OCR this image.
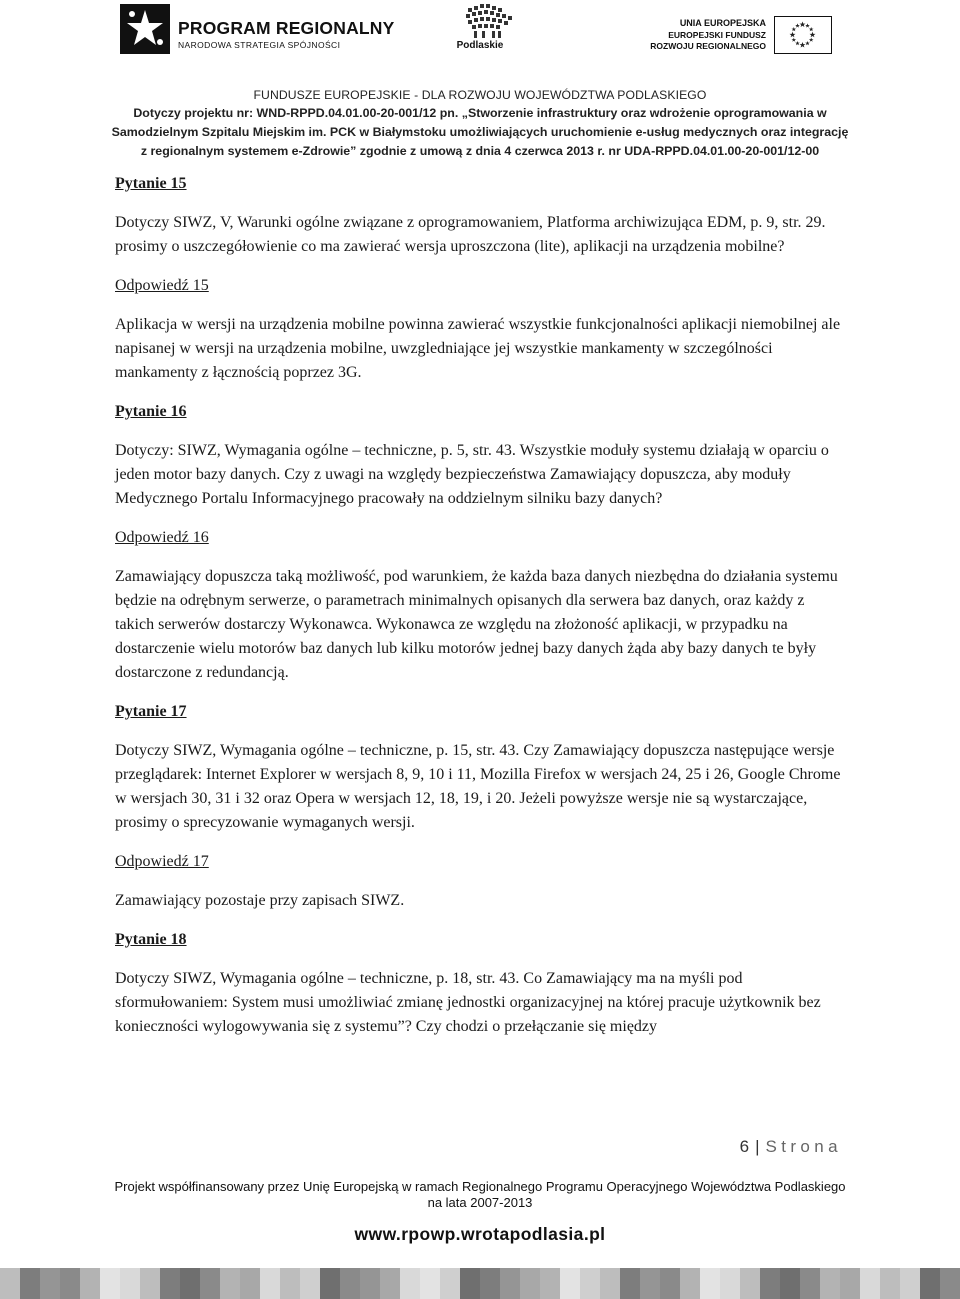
PROGRAM REGIONALNY
NARODOWA STRATEGIA SPÓJNOŚCI	Podlaskie
UNIA EUROPEJSKA
EUROPEJSKI FUNDUSZ
ROZWOJU REGIONALNEGO
FUNDUSZE EUROPEJSKIE - DLA ROZWOJU WOJEWÓDZTWA PODLASKIEGO
Dotyczy projektu nr: WND-RPPD.04.01.00-20-001/12 pn. „Stworzenie infrastruktury oraz wdrożenie oprogramowania w
Samodzielnym Szpitalu Miejskim im. PCK w Białymstoku umożliwiających uruchomienie e-usług medycznych oraz integrację
z regionalnym systemem e-Zdrowie” zgodnie z umową z dnia 4 czerwca 2013 r. nr UDA-RPPD.04.01.00-20-001/12-00

Pytanie 15

Dotyczy SIWZ, V, Warunki ogólne związane z oprogramowaniem, Platforma archiwizująca EDM, p. 9, str. 29. prosimy o uszczegółowienie co ma zawierać wersja uproszczona (lite), aplikacji na urządzenia mobilne?

Odpowiedź 15

Aplikacja w wersji na urządzenia mobilne powinna zawierać wszystkie funkcjonalności aplikacji niemobilnej ale napisanej w wersji na urządzenia mobilne, uwzgledniające jej wszystkie mankamenty w szczególności mankamenty z łącznością poprzez 3G.

Pytanie 16

Dotyczy: SIWZ, Wymagania ogólne – techniczne, p. 5, str. 43. Wszystkie moduły systemu działają w oparciu o jeden motor bazy danych. Czy z uwagi na względy bezpieczeństwa Zamawiający dopuszcza, aby moduły Medycznego Portalu Informacyjnego pracowały na oddzielnym silniku bazy danych?

Odpowiedź 16

Zamawiający dopuszcza taką możliwość, pod warunkiem, że każda baza danych niezbędna do działania systemu będzie na odrębnym serwerze, o parametrach minimalnych opisanych dla serwera baz danych, oraz każdy z takich serwerów dostarczy Wykonawca. Wykonawca ze względu na złożoność aplikacji, w przypadku na dostarczenie wielu motorów baz danych lub kilku motorów jednej bazy danych żąda aby bazy danych te były dostarczone z redundancją.

Pytanie 17

Dotyczy SIWZ, Wymagania ogólne – techniczne, p. 15, str. 43. Czy Zamawiający dopuszcza następujące wersje przeglądarek: Internet Explorer w wersjach 8, 9, 10 i 11, Mozilla Firefox w wersjach 24, 25 i 26, Google Chrome w wersjach 30, 31 i 32 oraz Opera w wersjach 12, 18, 19, i 20. Jeżeli powyższe wersje nie są wystarczające, prosimy o sprecyzowanie wymaganych wersji.

Odpowiedź 17

Zamawiający pozostaje przy zapisach SIWZ.

Pytanie 18

Dotyczy SIWZ, Wymagania ogólne – techniczne, p. 18, str. 43. Co Zamawiający ma na myśli pod sformułowaniem: System musi umożliwiać zmianę jednostki organizacyjnej na której pracuje użytkownik bez konieczności wylogowywania się z systemu”? Czy chodzi o przełączanie się między

6 | Strona
Projekt współfinansowany przez Unię Europejską w ramach Regionalnego Programu Operacyjnego Województwa Podlaskiego
na lata 2007-2013
www.rpowp.wrotapodlasia.pl
